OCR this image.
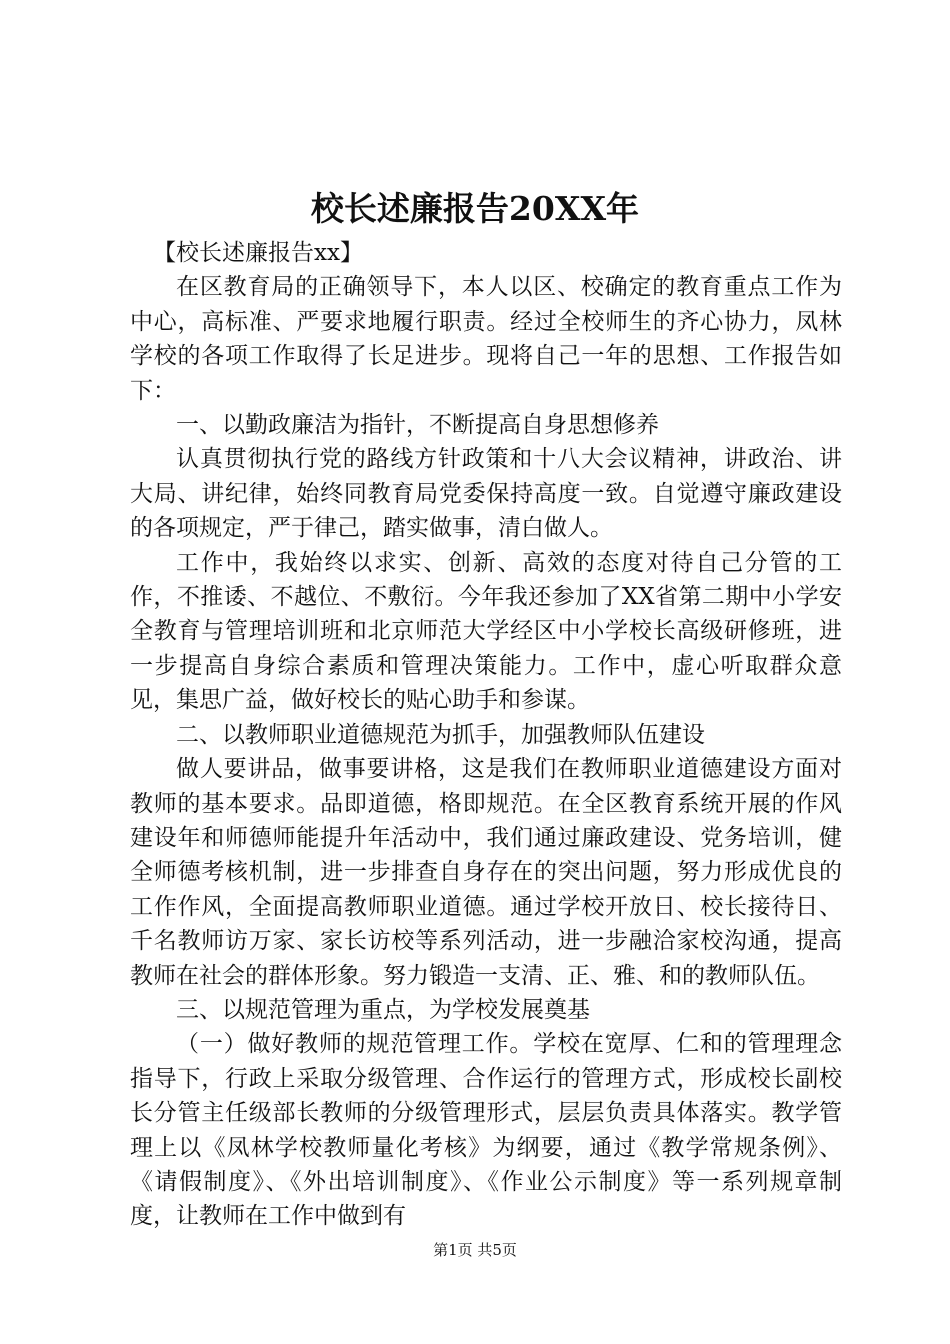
校长述廉报告20XX年

【校长述廉报告xx】

在区教育局的正确领导下，本人以区、校确定的教育重点工作为中心，高标准、严要求地履行职责。经过全校师生的齐心协力，凤林学校的各项工作取得了长足进步。现将自己一年的思想、工作报告如下：

一、以勤政廉洁为指针，不断提高自身思想修养

认真贯彻执行党的路线方针政策和十八大会议精神，讲政治、讲大局、讲纪律，始终同教育局党委保持高度一致。自觉遵守廉政建设的各项规定，严于律己，踏实做事，清白做人。

工作中，我始终以求实、创新、高效的态度对待自己分管的工作，不推诿、不越位、不敷衍。今年我还参加了XX省第二期中小学安全教育与管理培训班和北京师范大学经区中小学校长高级研修班，进一步提高自身综合素质和管理决策能力。工作中，虚心听取群众意见，集思广益，做好校长的贴心助手和参谋。

二、以教师职业道德规范为抓手，加强教师队伍建设

做人要讲品，做事要讲格，这是我们在教师职业道德建设方面对教师的基本要求。品即道德，格即规范。在全区教育系统开展的作风建设年和师德师能提升年活动中，我们通过廉政建设、党务培训，健全师德考核机制，进一步排查自身存在的突出问题，努力形成优良的工作作风，全面提高教师职业道德。通过学校开放日、校长接待日、千名教师访万家、家长访校等系列活动，进一步融洽家校沟通，提高教师在社会的群体形象。努力锻造一支清、正、雅、和的教师队伍。

三、以规范管理为重点，为学校发展奠基

（一）做好教师的规范管理工作。学校在宽厚、仁和的管理理念指导下，行政上采取分级管理、合作运行的管理方式，形成校长副校长分管主任级部长教师的分级管理形式，层层负责具体落实。教学管理上以《凤林学校教师量化考核》为纲要，通过《教学常规条例》、《请假制度》、《外出培训制度》、《作业公示制度》等一系列规章制度，让教师在工作中做到有

第1页 共5页
